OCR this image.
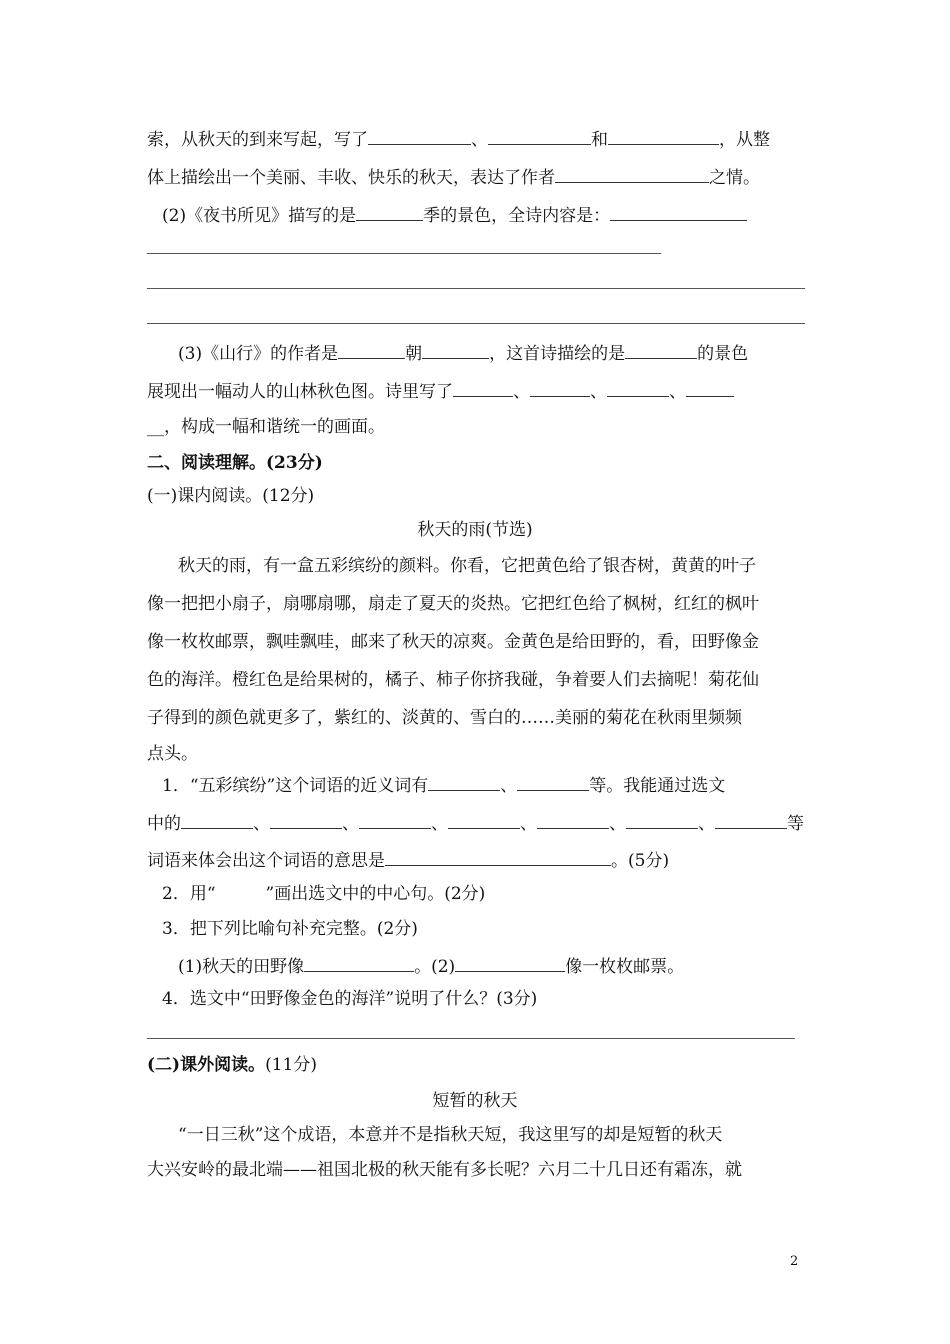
索，从秋天的到来写起，写了	、	和	，从整
体上描绘出一个美丽、丰收、快乐的秋天，表达了作者	之情。
(2)《夜书所见》描写的是	季的景色，全诗内容是：
(3)《山行》的作者是	朝	，这首诗描绘的是	的景色
展现出一幅动人的山林秋色图。诗里写了	、	、	、
__，构成一幅和谐统一的画面。
二、阅读理解。(23分)
(一)课内阅读。(12分)
秋天的雨(节选)
秋天的雨，有一盒五彩缤纷的颜料。你看，它把黄色给了银杏树，黄黄的叶子
像一把把小扇子，扇哪扇哪，扇走了夏天的炎热。它把红色给了枫树，红红的枫叶
像一枚枚邮票，飘哇飘哇，邮来了秋天的凉爽。金黄色是给田野的，看，田野像金
色的海洋。橙红色是给果树的，橘子、柿子你挤我碰，争着要人们去摘呢！菊花仙
子得到的颜色就更多了，紫红的、淡黄的、雪白的……美丽的菊花在秋雨里频频
点头。
1．“五彩缤纷”这个词语的近义词有	、	等。我能通过选文
中的	、	、	、	、	、	、	等
词语来体会出这个词语的意思是	。(5分)
2．用“	”画出选文中的中心句。(2分)
3．把下列比喻句补充完整。(2分)
(1)秋天的田野像	。(2)	像一枚枚邮票。
4．选文中“田野像金色的海洋”说明了什么？(3分)
(二)课外阅读。(11分)
短暂的秋天
“一日三秋”这个成语，本意并不是指秋天短，我这里写的却是短暂的秋天
大兴安岭的最北端——祖国北极的秋天能有多长呢？六月二十几日还有霜冻，就
2
